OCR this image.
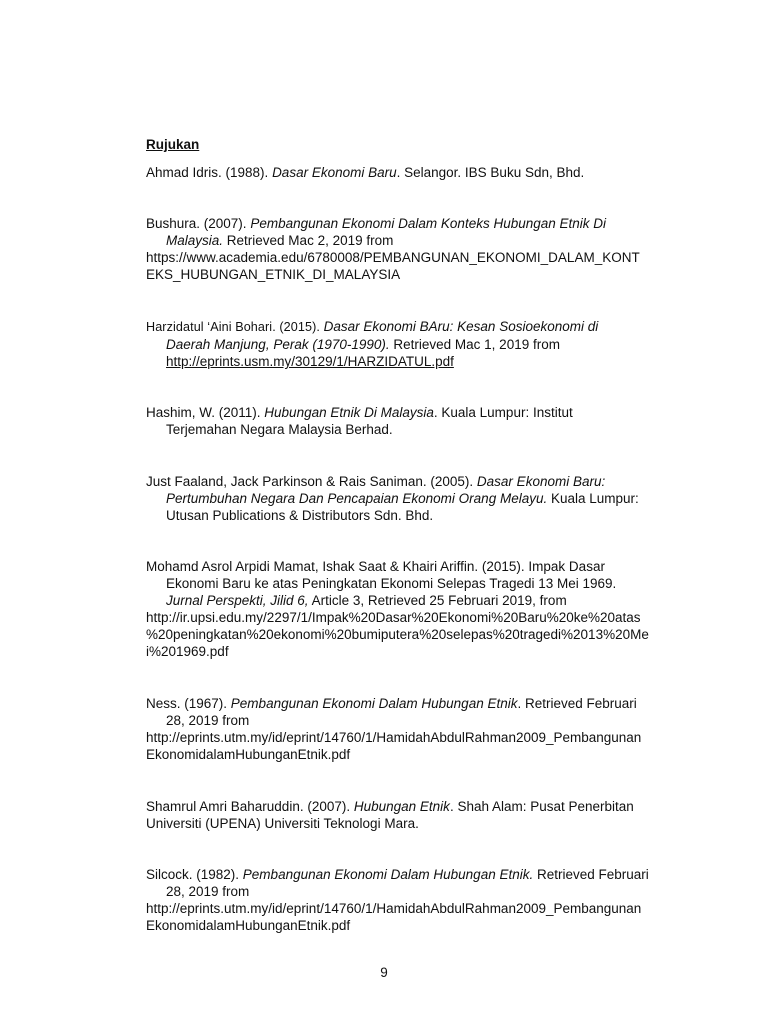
Rujukan

Ahmad Idris. (1988). Dasar Ekonomi Baru. Selangor. IBS Buku Sdn, Bhd.

Bushura. (2007). Pembangunan Ekonomi Dalam Konteks Hubungan Etnik Di
Malaysia. Retrieved Mac 2, 2019 from
https://www.academia.edu/6780008/PEMBANGUNAN_EKONOMI_DALAM_KONT
EKS_HUBUNGAN_ETNIK_DI_MALAYSIA

Harzidatul ‘Aini Bohari. (2015). Dasar Ekonomi BAru: Kesan Sosioekonomi di
Daerah Manjung, Perak (1970-1990). Retrieved Mac 1, 2019 from
http://eprints.usm.my/30129/1/HARZIDATUL.pdf

Hashim, W. (2011). Hubungan Etnik Di Malaysia. Kuala Lumpur: Institut
Terjemahan Negara Malaysia Berhad.

Just Faaland, Jack Parkinson & Rais Saniman. (2005). Dasar Ekonomi Baru:
Pertumbuhan Negara Dan Pencapaian Ekonomi Orang Melayu. Kuala Lumpur:
Utusan Publications & Distributors Sdn. Bhd.

Mohamd Asrol Arpidi Mamat, Ishak Saat & Khairi Ariffin. (2015). Impak Dasar
Ekonomi Baru ke atas Peningkatan Ekonomi Selepas Tragedi 13 Mei 1969.
Jurnal Perspekti, Jilid 6, Article 3, Retrieved 25 Februari 2019, from
http://ir.upsi.edu.my/2297/1/Impak%20Dasar%20Ekonomi%20Baru%20ke%20atas
%20peningkatan%20ekonomi%20bumiputera%20selepas%20tragedi%2013%20Me
i%201969.pdf

Ness. (1967). Pembangunan Ekonomi Dalam Hubungan Etnik. Retrieved Februari
28, 2019 from
http://eprints.utm.my/id/eprint/14760/1/HamidahAbdulRahman2009_Pembangunan
EkonomidalamHubunganEtnik.pdf

Shamrul Amri Baharuddin. (2007). Hubungan Etnik. Shah Alam: Pusat Penerbitan
Universiti (UPENA) Universiti Teknologi Mara.

Silcock. (1982). Pembangunan Ekonomi Dalam Hubungan Etnik. Retrieved Februari
28, 2019 from
http://eprints.utm.my/id/eprint/14760/1/HamidahAbdulRahman2009_Pembangunan
EkonomidalamHubunganEtnik.pdf

9
